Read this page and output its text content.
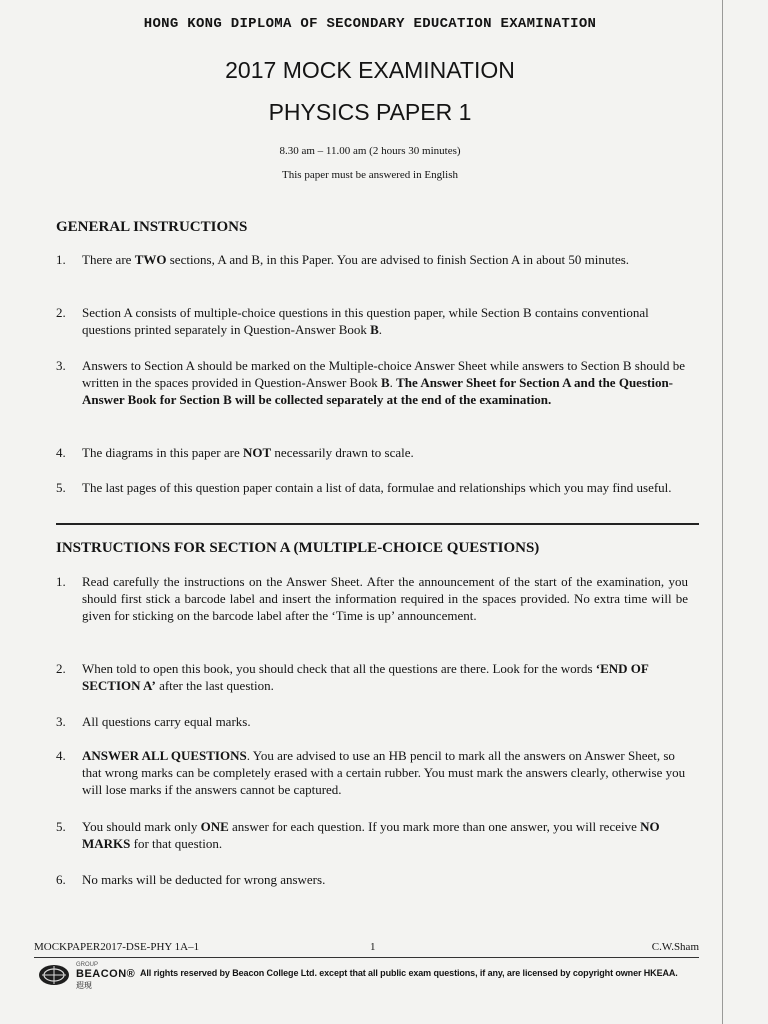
HONG KONG DIPLOMA OF SECONDARY EDUCATION EXAMINATION
2017 MOCK EXAMINATION
PHYSICS PAPER 1
8.30 am – 11.00 am (2 hours 30 minutes)
This paper must be answered in English
GENERAL INSTRUCTIONS
1. There are TWO sections, A and B, in this Paper. You are advised to finish Section A in about 50 minutes.
2. Section A consists of multiple-choice questions in this question paper, while Section B contains conventional questions printed separately in Question-Answer Book B.
3. Answers to Section A should be marked on the Multiple-choice Answer Sheet while answers to Section B should be written in the spaces provided in Question-Answer Book B. The Answer Sheet for Section A and the Question-Answer Book for Section B will be collected separately at the end of the examination.
4. The diagrams in this paper are NOT necessarily drawn to scale.
5. The last pages of this question paper contain a list of data, formulae and relationships which you may find useful.
INSTRUCTIONS FOR SECTION A (MULTIPLE-CHOICE QUESTIONS)
1. Read carefully the instructions on the Answer Sheet. After the announcement of the start of the examination, you should first stick a barcode label and insert the information required in the spaces provided. No extra time will be given for sticking on the barcode label after the ‘Time is up’ announcement.
2. When told to open this book, you should check that all the questions are there. Look for the words ‘END OF SECTION A’ after the last question.
3. All questions carry equal marks.
4. ANSWER ALL QUESTIONS. You are advised to use an HB pencil to mark all the answers on Answer Sheet, so that wrong marks can be completely erased with a certain rubber. You must mark the answers clearly, otherwise you will lose marks if the answers cannot be captured.
5. You should mark only ONE answer for each question. If you mark more than one answer, you will receive NO MARKS for that question.
6. No marks will be deducted for wrong answers.
MOCKPAPER2017-DSE-PHY 1A–1	1	C.W.Sham
GROUP
BEACON®
遐現
All rights reserved by Beacon College Ltd. except that all public exam questions, if any, are licensed by copyright owner HKEAA.
